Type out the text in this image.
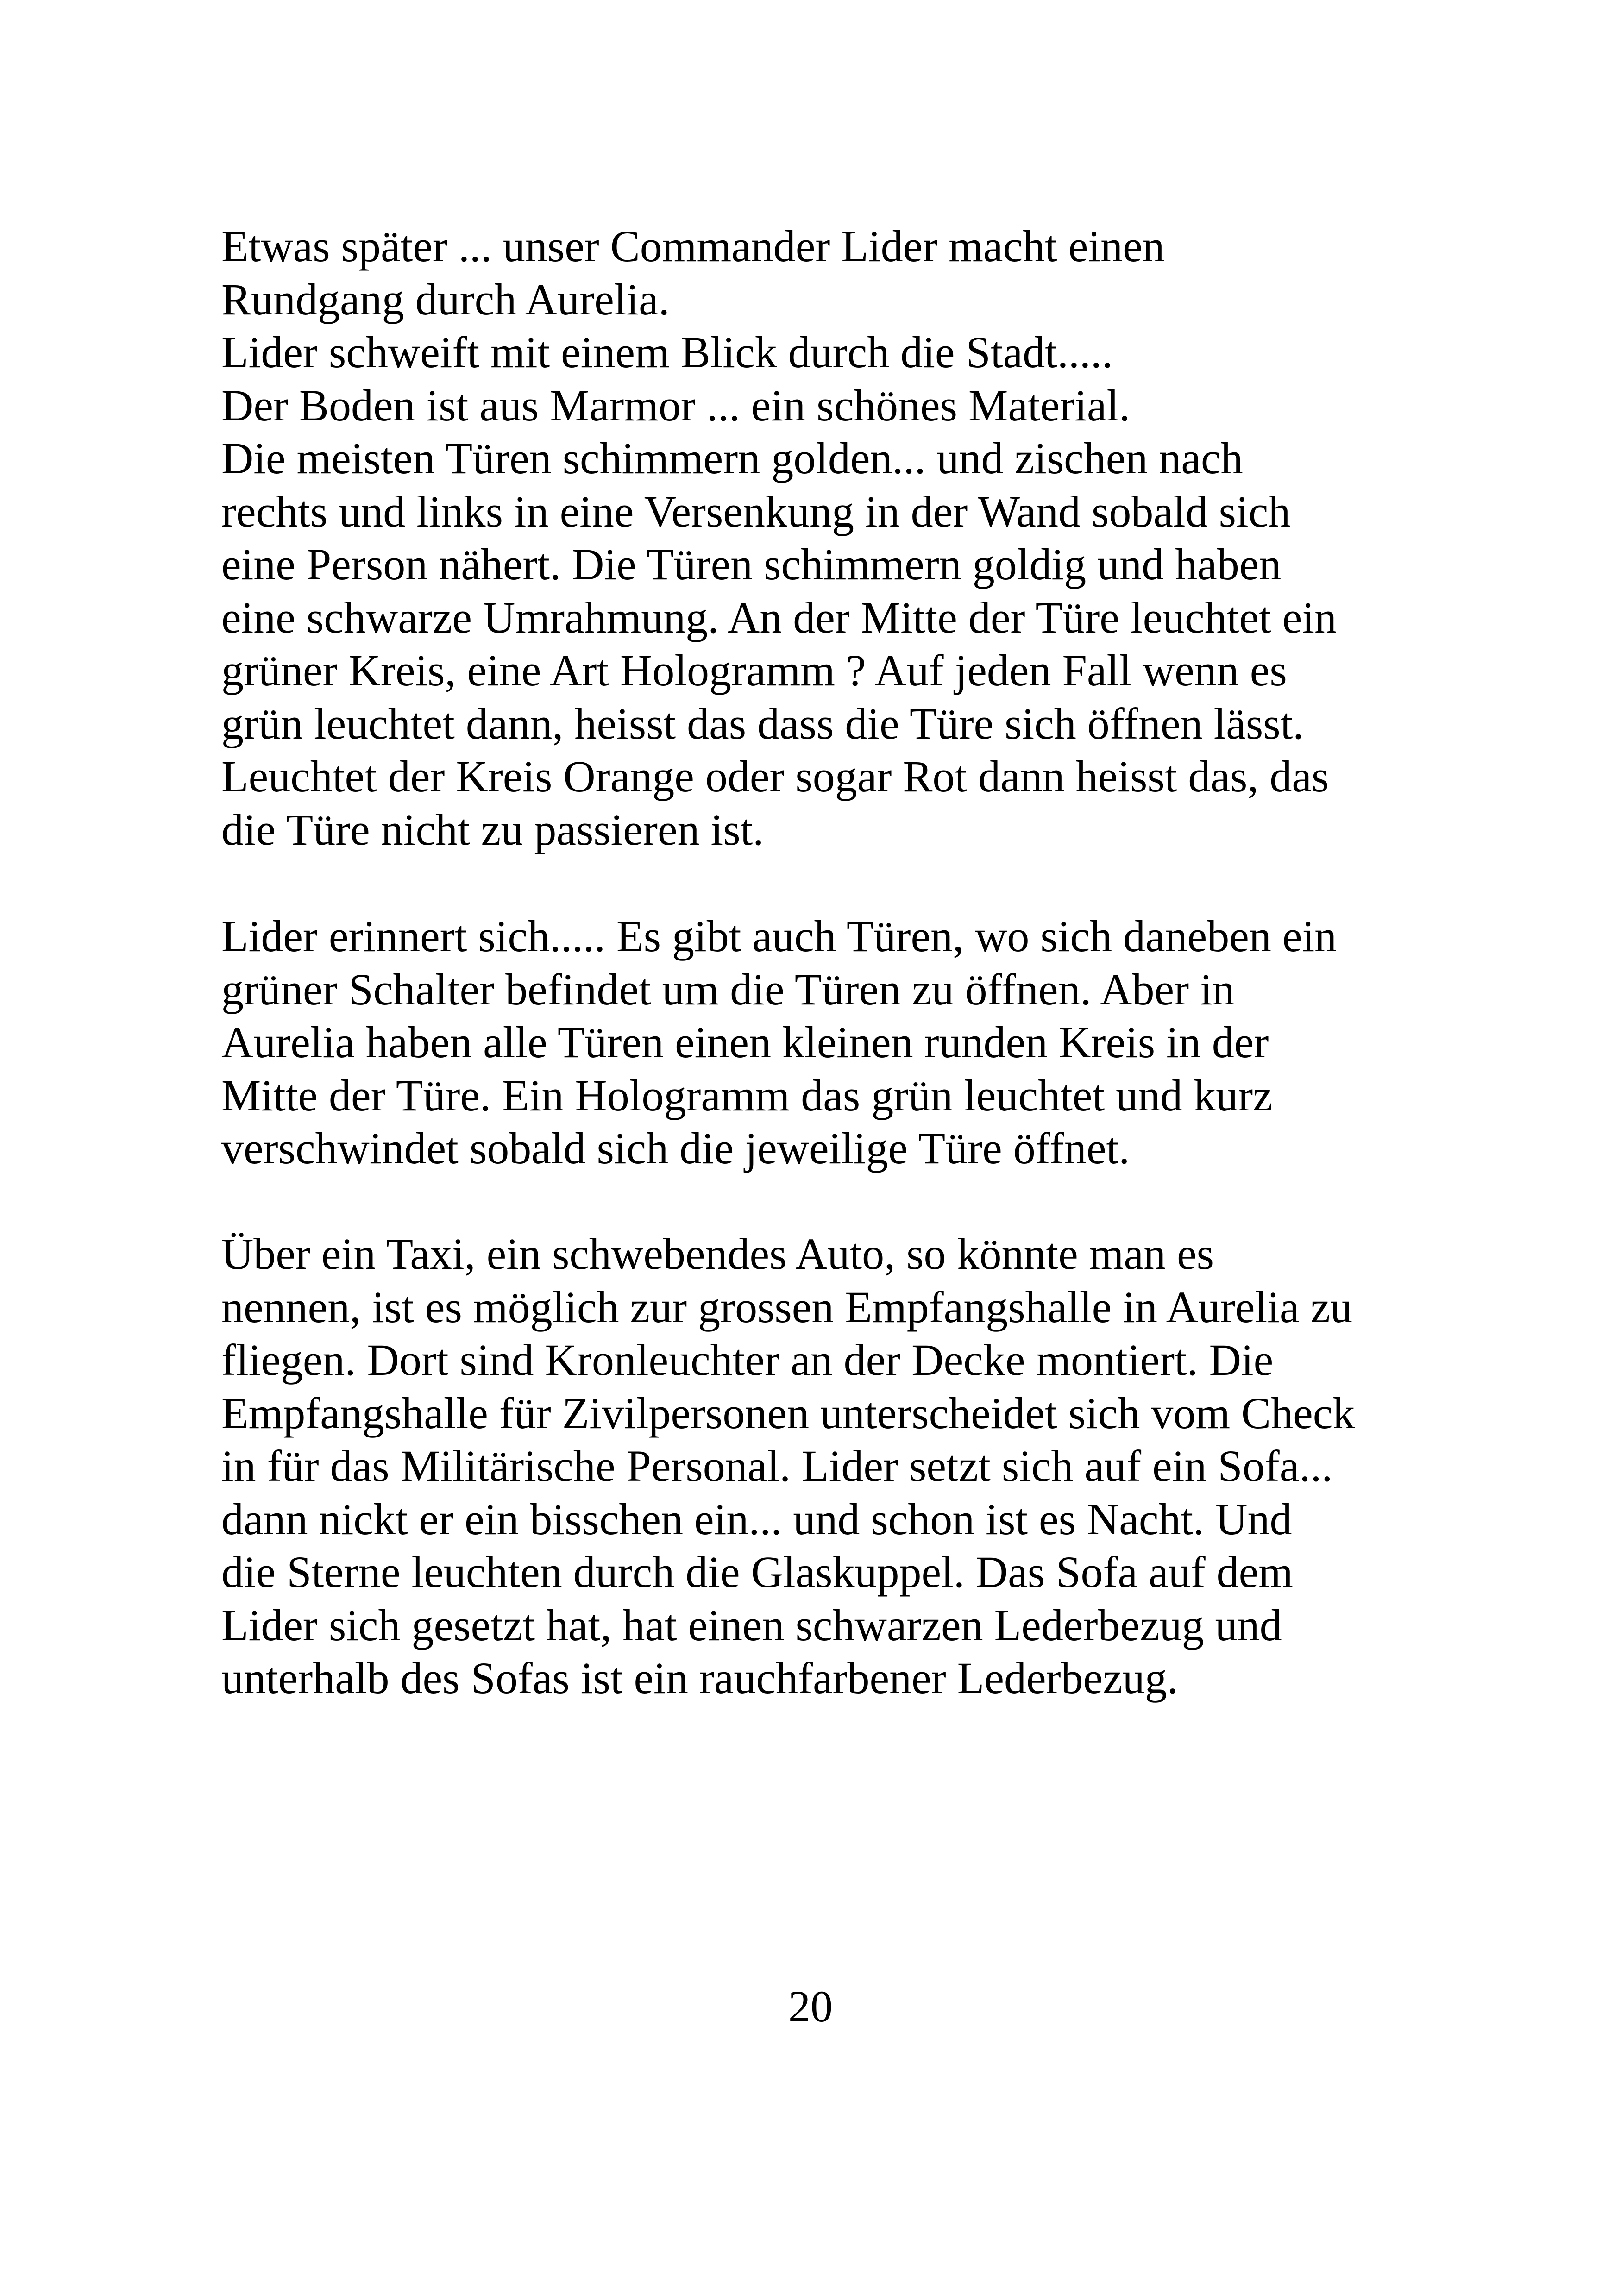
Etwas später ... unser Commander Lider macht einen
Rundgang durch Aurelia.
Lider schweift mit einem Blick durch die Stadt.....
Der Boden ist aus Marmor ... ein schönes Material.
Die meisten Türen schimmern golden... und zischen nach
rechts und links in eine Versenkung in der Wand sobald sich
eine Person nähert. Die Türen schimmern goldig und haben
eine schwarze Umrahmung. An der Mitte der Türe leuchtet ein
grüner Kreis, eine Art Hologramm ? Auf jeden Fall wenn es
grün leuchtet dann, heisst das dass die Türe sich öffnen lässt.
Leuchtet der Kreis Orange oder sogar Rot dann heisst das, das
die Türe nicht zu passieren ist.
Lider erinnert sich..... Es gibt auch Türen, wo sich daneben ein
grüner Schalter befindet um die Türen zu öffnen. Aber in
Aurelia haben alle Türen einen kleinen runden Kreis in der
Mitte der Türe. Ein Hologramm das grün leuchtet und kurz
verschwindet sobald sich die jeweilige Türe öffnet.
Über ein Taxi, ein schwebendes Auto, so könnte man es
nennen, ist es möglich zur grossen Empfangshalle in Aurelia zu
fliegen. Dort sind Kronleuchter an der Decke montiert. Die
Empfangshalle für Zivilpersonen unterscheidet sich vom Check
in für das Militärische Personal. Lider setzt sich auf ein Sofa...
dann nickt er ein bisschen ein... und schon ist es Nacht. Und
die Sterne leuchten durch die Glaskuppel. Das Sofa auf dem
Lider sich gesetzt hat, hat einen schwarzen Lederbezug und
unterhalb des Sofas ist ein rauchfarbener Lederbezug.
20
